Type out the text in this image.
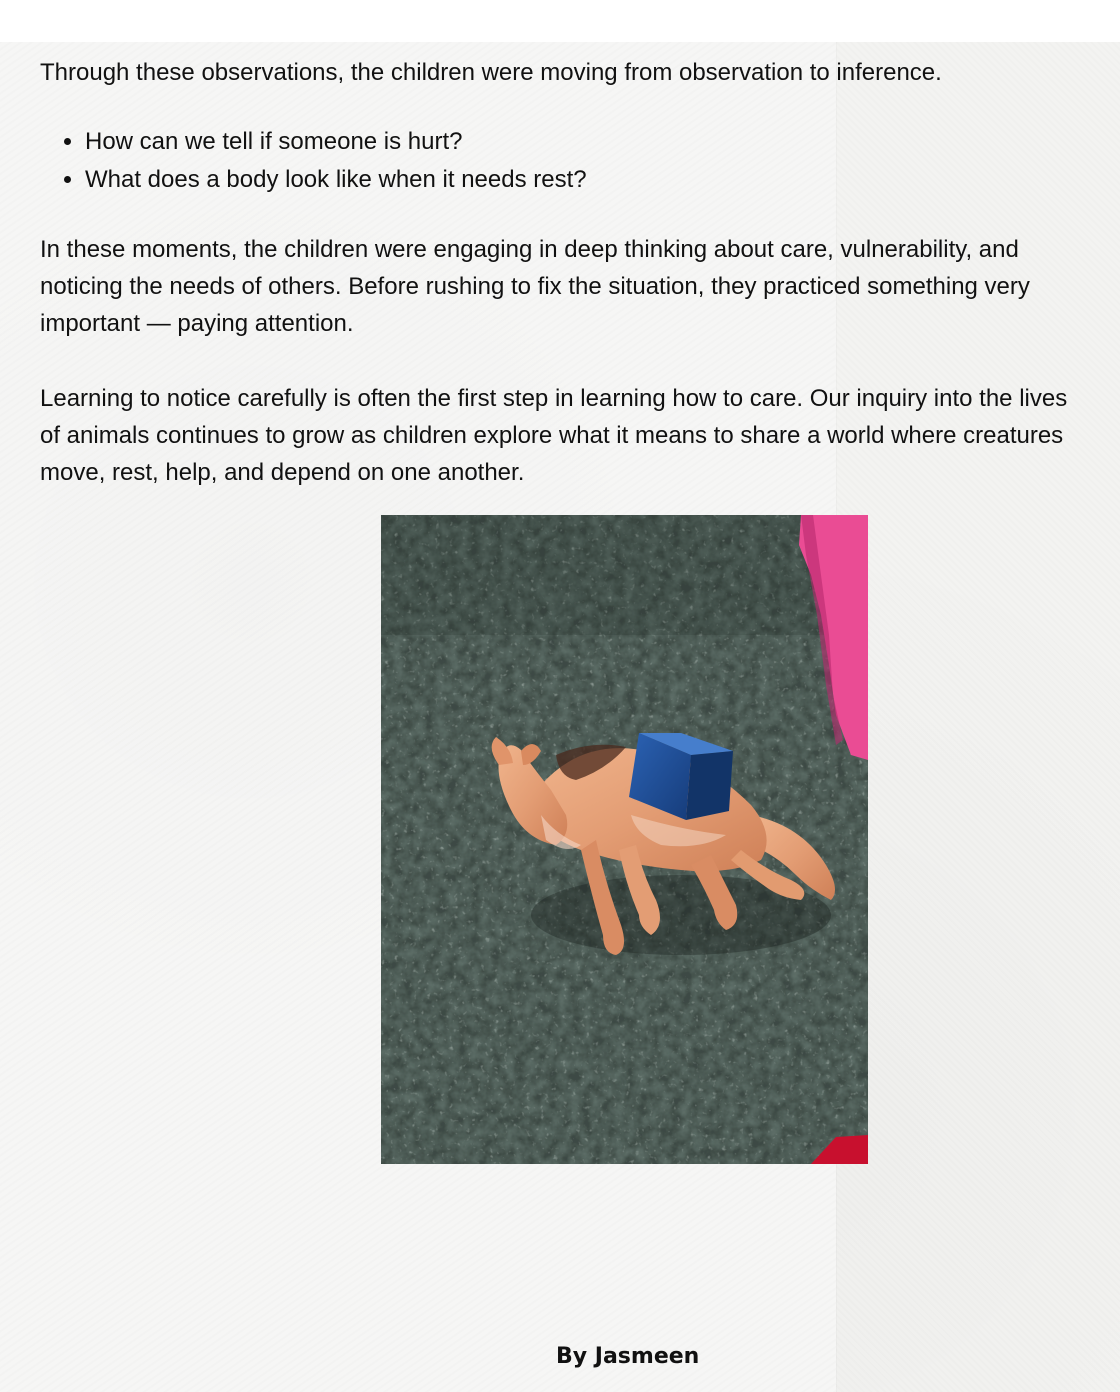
Through these observations, the children were moving from observation to inference.

• How can we tell if someone is hurt?
• What does a body look like when it needs rest?

In these moments, the children were engaging in deep thinking about care, vulnerability, and noticing the needs of others. Before rushing to fix the situation, they practiced something very important — paying attention.

Learning to notice carefully is often the first step in learning how to care. Our inquiry into the lives of animals continues to grow as children explore what it means to share a world where creatures move, rest, help, and depend on one another.

By Jasmeen
